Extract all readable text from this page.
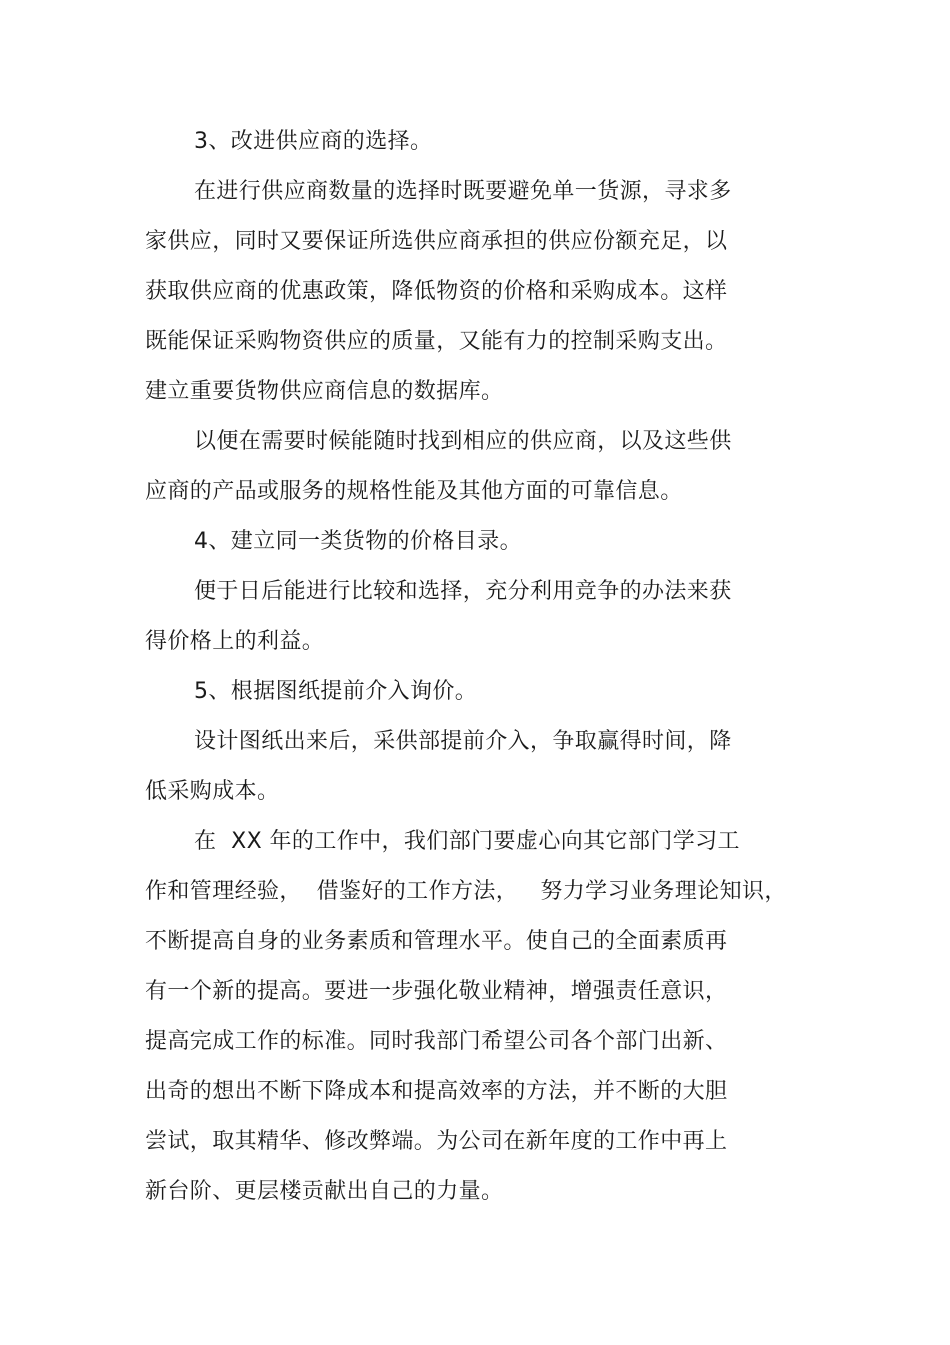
3、改进供应商的选择。
在进行供应商数量的选择时既要避免单一货源，寻求多
家供应，同时又要保证所选供应商承担的供应份额充足，以
获取供应商的优惠政策，降低物资的价格和采购成本。这样
既能保证采购物资供应的质量，又能有力的控制采购支出。
建立重要货物供应商信息的数据库。
以便在需要时候能随时找到相应的供应商，以及这些供
应商的产品或服务的规格性能及其他方面的可靠信息。
4、建立同一类货物的价格目录。
便于日后能进行比较和选择，充分利用竞争的办法来获
得价格上的利益。
5、根据图纸提前介入询价。
设计图纸出来后，采供部提前介入，争取赢得时间，降
低采购成本。
在  XX 年的工作中，我们部门要虚心向其它部门学习工
作和管理经验，  借鉴好的工作方法，   努力学习业务理论知识，
不断提高自身的业务素质和管理水平。使自己的全面素质再
有一个新的提高。要进一步强化敬业精神，增强责任意识，
提高完成工作的标准。同时我部门希望公司各个部门出新、
出奇的想出不断下降成本和提高效率的方法，并不断的大胆
尝试，取其精华、修改弊端。为公司在新年度的工作中再上
新台阶、更层楼贡献出自己的力量。
